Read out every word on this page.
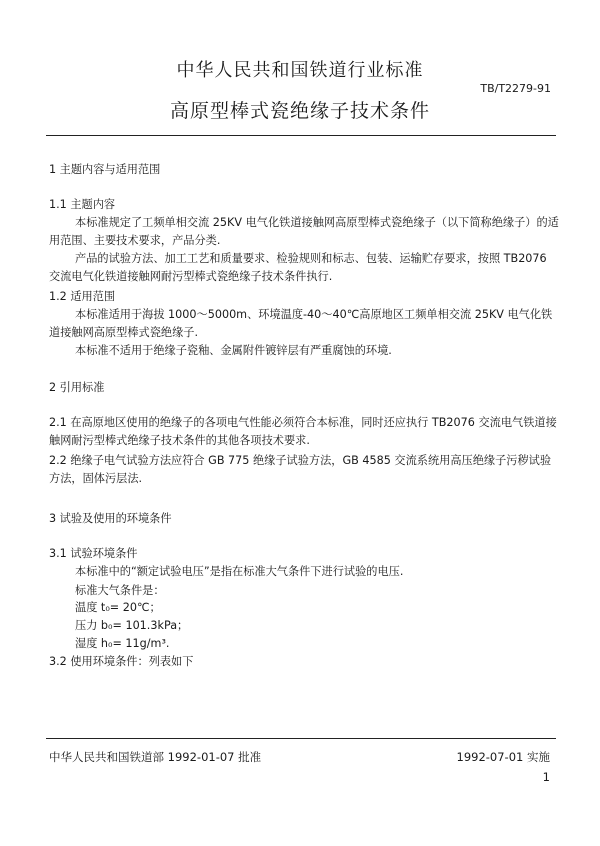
中华人民共和国铁道行业标准
TB/T2279-91
高原型棒式瓷绝缘子技术条件
1 主题内容与适用范围
1.1 主题内容
本标准规定了工频单相交流 25KV 电气化铁道接触网高原型棒式瓷绝缘子（以下简称绝缘子）的适用范围、主要技术要求，产品分类.
产品的试验方法、加工工艺和质量要求、检验规则和标志、包装、运输贮存要求，按照 TB2076 交流电气化铁道接触网耐污型棒式瓷绝缘子技术条件执行.
1.2 适用范围
本标准适用于海拔 1000～5000m、环境温度-40～40℃高原地区工频单相交流 25KV 电气化铁道接触网高原型棒式瓷绝缘子.
本标准不适用于绝缘子瓷釉、金属附件镀锌层有严重腐蚀的环境.
2 引用标准
2.1 在高原地区使用的绝缘子的各项电气性能必须符合本标准，同时还应执行 TB2076 交流电气铁道接触网耐污型棒式绝缘子技术条件的其他各项技术要求.
2.2 绝缘子电气试验方法应符合 GB 775 绝缘子试验方法，GB 4585 交流系统用高压绝缘子污秽试验方法，固体污层法.
3 试验及使用的环境条件
3.1 试验环境条件
本标准中的“额定试验电压”是指在标准大气条件下进行试验的电压.
标准大气条件是：
温度 t₀= 20℃；
压力 b₀= 101.3kPa；
湿度 h₀= 11g/m³.
3.2 使用环境条件：列表如下
中华人民共和国铁道部 1992-01-07 批准	1992-07-01 实施
1
